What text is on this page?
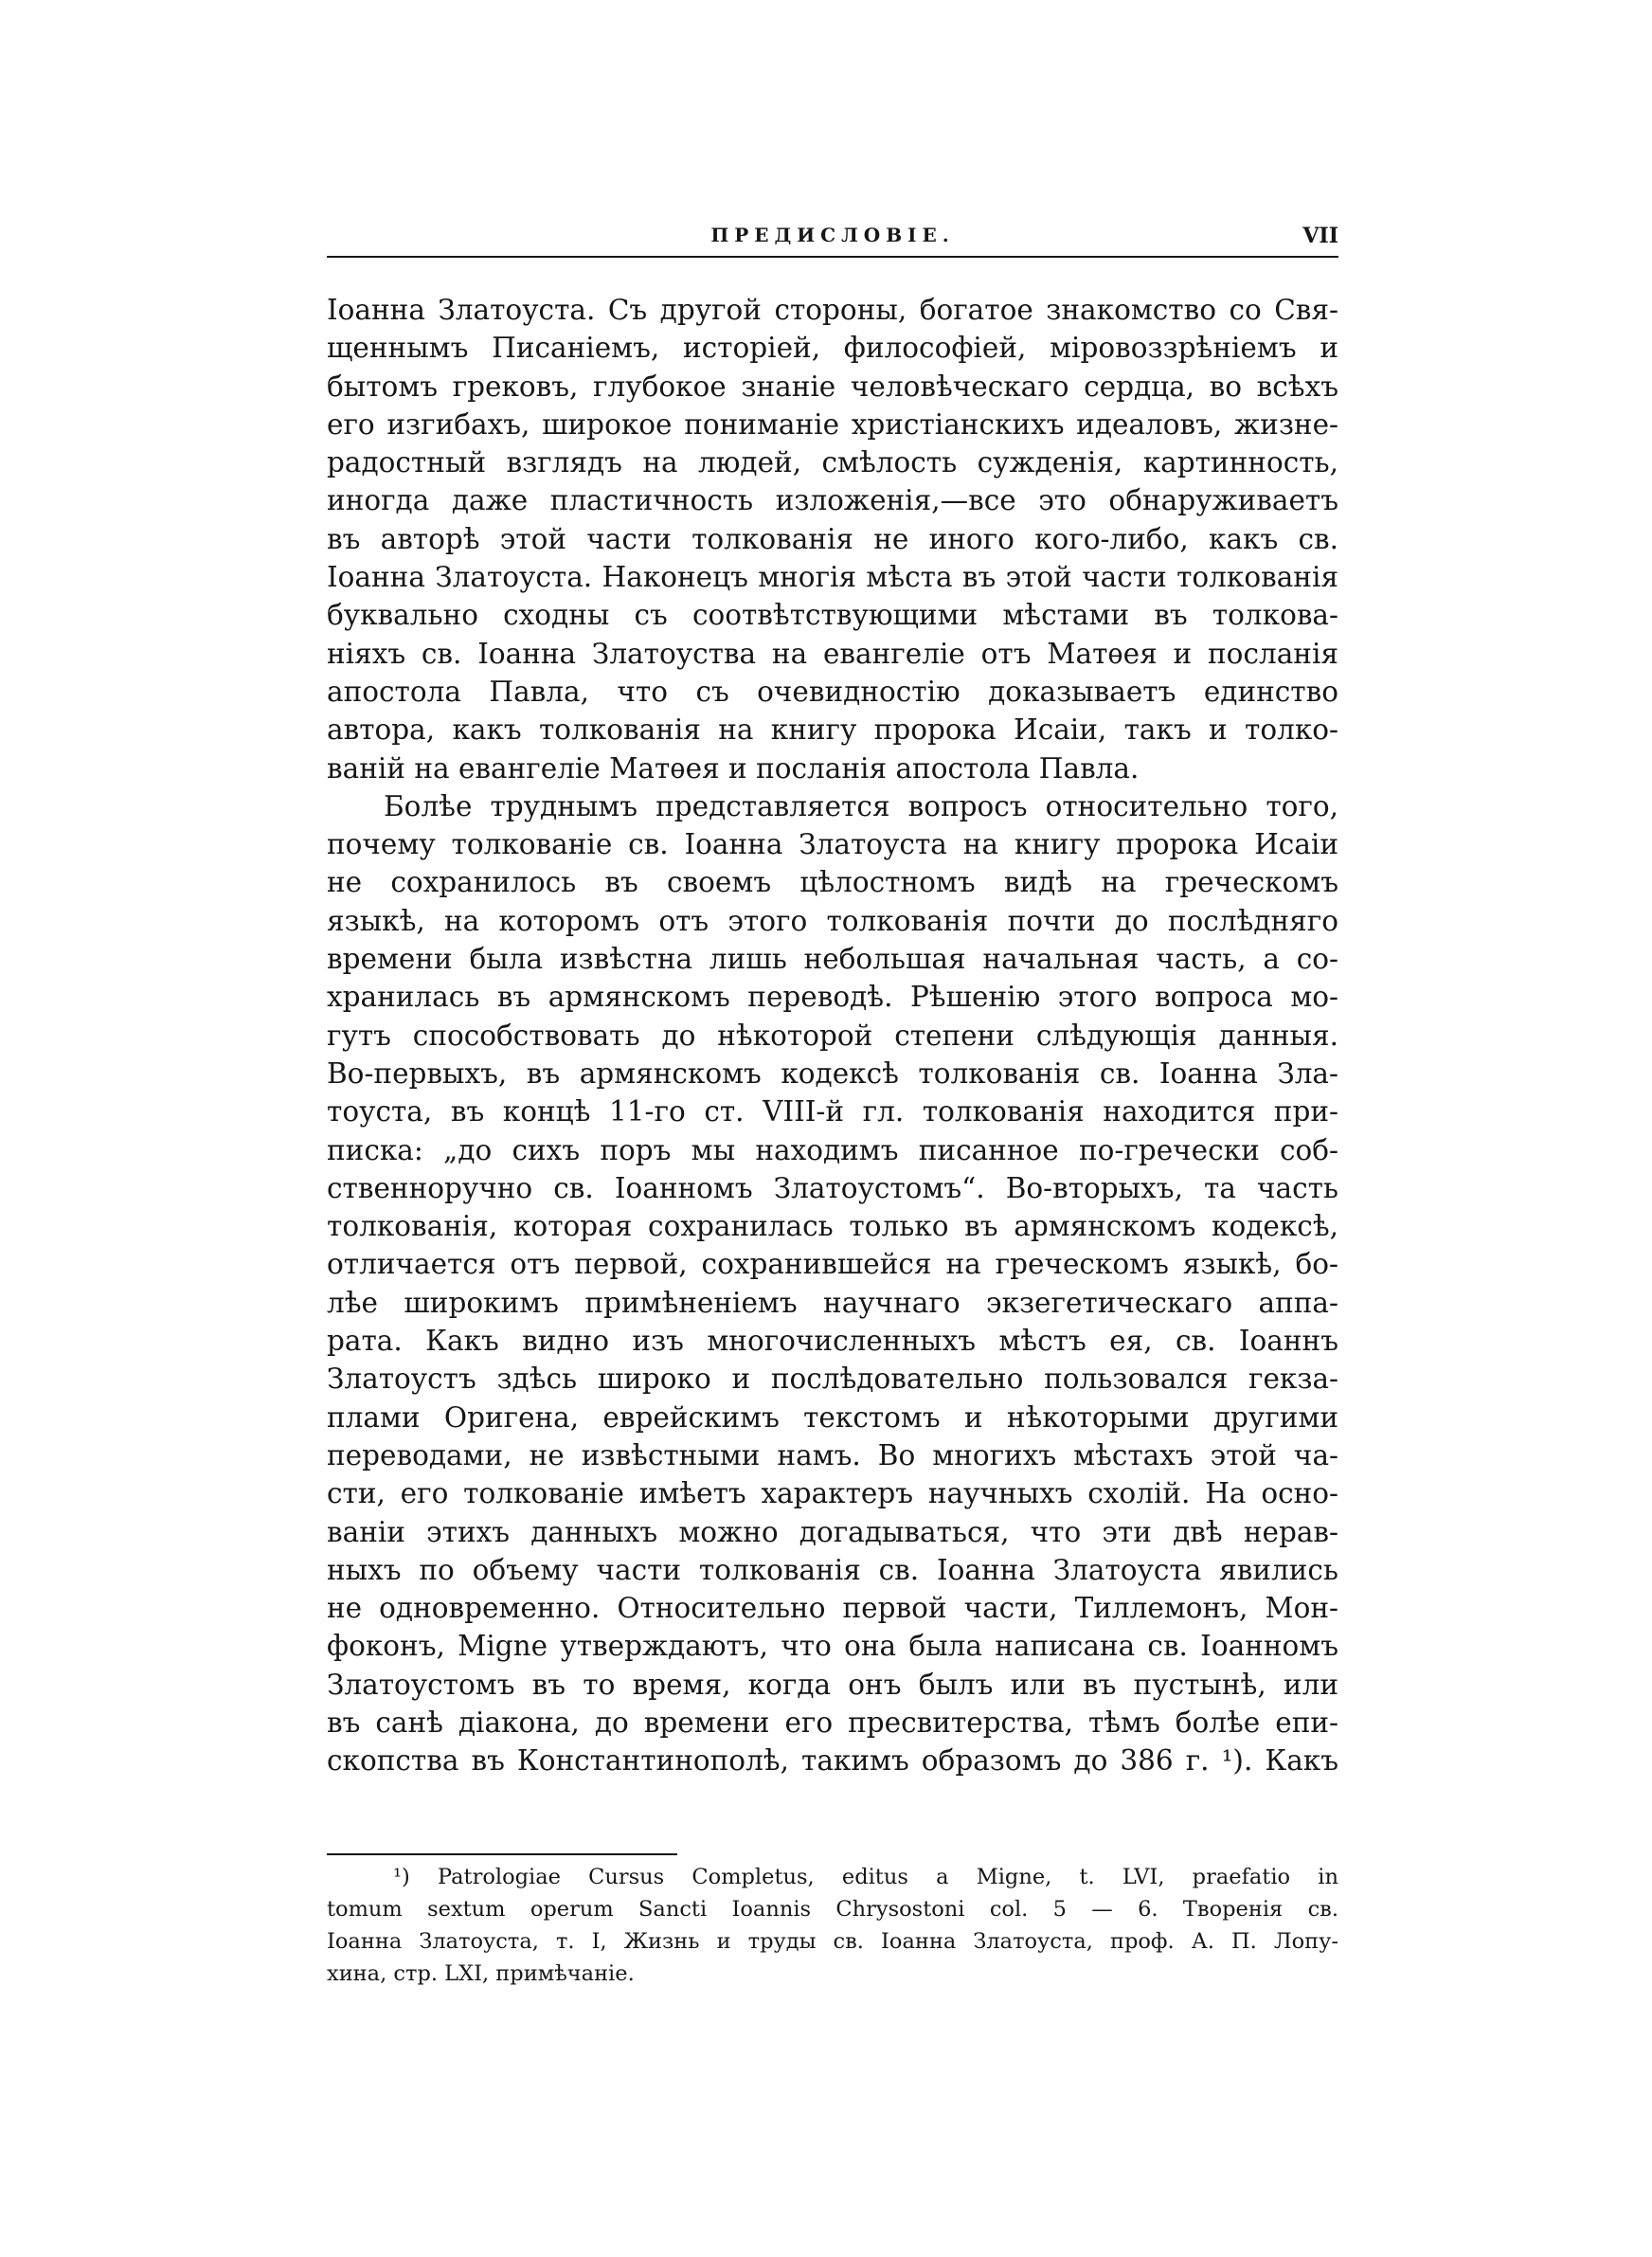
ПРЕДИСЛОВІЕ.	VII
Іоанна Златоуста. Съ другой стороны, богатое знакомство со Свя-
щеннымъ Писаніемъ, исторіей, философіей, міровоззрѣніемъ и
бытомъ грековъ, глубокое знаніе человѣческаго сердца, во всѣхъ
его изгибахъ, широкое пониманіе христіанскихъ идеаловъ, жизне-
радостный взглядъ на людей, смѣлость сужденія, картинность,
иногда даже пластичность изложенія,—все это обнаруживаетъ
въ авторѣ этой части толкованія не иного кого-либо, какъ св.
Іоанна Златоуста. Наконецъ многія мѣста въ этой части толкованія
буквально сходны съ соотвѣтствующими мѣстами въ толкова-
ніяхъ св. Іоанна Златоуства на евангеліе отъ Матѳея и посланія
апостола Павла, что съ очевидностію доказываетъ единство
автора, какъ толкованія на книгу пророка Исаіи, такъ и толко-
ваній на евангеліе Матѳея и посланія апостола Павла.
Болѣе труднымъ представляется вопросъ относительно того,
почему толкованіе св. Іоанна Златоуста на книгу пророка Исаіи
не сохранилось въ своемъ цѣлостномъ видѣ на греческомъ
языкѣ, на которомъ отъ этого толкованія почти до послѣдняго
времени была извѣстна лишь небольшая начальная часть, а со-
хранилась въ армянскомъ переводѣ. Рѣшенію этого вопроса мо-
гутъ способствовать до нѣкоторой степени слѣдующія данныя.
Во-первыхъ, въ армянскомъ кодексѣ толкованія св. Іоанна Зла-
тоуста, въ концѣ 11-го ст. VIII-й гл. толкованія находится при-
писка: „до сихъ поръ мы находимъ писанное по-гречески соб-
ственноручно св. Іоанномъ Златоустомъ“. Во-вторыхъ, та часть
толкованія, которая сохранилась только въ армянскомъ кодексѣ,
отличается отъ первой, сохранившейся на греческомъ языкѣ, бо-
лѣе широкимъ примѣненіемъ научнаго экзегетическаго аппа-
рата. Какъ видно изъ многочисленныхъ мѣстъ ея, св. Іоаннъ
Златоустъ здѣсь широко и послѣдовательно пользовался гекза-
плами Оригена, еврейскимъ текстомъ и нѣкоторыми другими
переводами, не извѣстными намъ. Во многихъ мѣстахъ этой ча-
сти, его толкованіе имѣетъ характеръ научныхъ схолій. На осно-
ваніи этихъ данныхъ можно догадываться, что эти двѣ нерав-
ныхъ по объему части толкованія св. Іоанна Златоуста явились
не одновременно. Относительно первой части, Тиллемонъ, Мон-
фоконъ, Migne утверждаютъ, что она была написана св. Іоанномъ
Златоустомъ въ то время, когда онъ былъ или въ пустынѣ, или
въ санѣ діакона, до времени его пресвитерства, тѣмъ болѣе епи-
скопства въ Константинополѣ, такимъ образомъ до 386 г. ¹). Какъ
¹) Patrologiae Cursus Completus, editus a Migne, t. LVI, praefatio in
tomum sextum operum Sancti Ioannis Chrysostoni col. 5 — 6. Творенія св.
Іоанна Златоуста, т. I, Жизнь и труды св. Іоанна Златоуста, проф. А. П. Лопу-
хина, стр. LXI, примѣчаніе.
